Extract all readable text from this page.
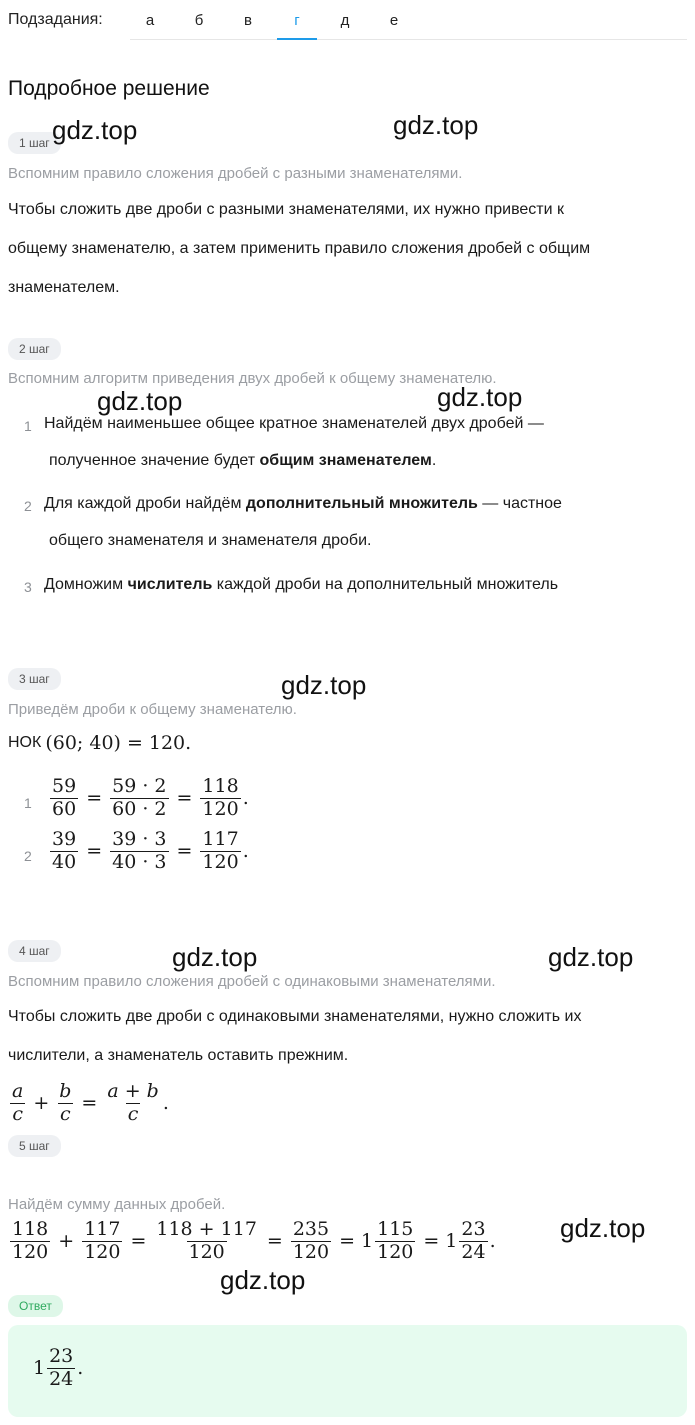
Подзадания:	а	б	в	г	д	е
Подробное решение
1 шаг
Вспомним правило сложения дробей с разными знаменателями.
Чтобы сложить две дроби с разными знаменателями, их нужно привести к
общему знаменателю, а затем применить правило сложения дробей с общим
знаменателем.
2 шаг
Вспомним алгоритм приведения двух дробей к общему знаменателю.
1 Найдём наименьшее общее кратное знаменателей двух дробей —
полученное значение будет общим знаменателем.
2 Для каждой дроби найдём дополнительный множитель — частное
общего знаменателя и знаменателя дроби.
3 Домножим числитель каждой дроби на дополнительный множитель
3 шаг
Приведём дроби к общему знаменателю.
НОК (60; 40) = 120.
$1 \frac{59}{60} = \frac{59 \cdot 2}{60 \cdot 2} = \frac{118}{120}$ .
$2 \frac{39}{40} = \frac{39 \cdot 3}{40 \cdot 3} = \frac{117}{120}$ .
4 шаг
Вспомним правило сложения дробей с одинаковыми знаменателями.
Чтобы сложить две дроби с одинаковыми знаменателями, нужно сложить их
числители, а знаменатель оставить прежним.
$\frac{a}{c} + \frac{b}{c} = \frac{a + b}{c}$ .
5 шаг
Найдём сумму данных дробей.
$\frac{118}{120} + \frac{117}{120} = \frac{118 + 117}{120} = \frac{235}{120} = 1 \frac{115}{120} = 1 \frac{23}{24}$ .
Ответ
$1 \frac{23}{24}$ .
gdz.top	gdz.top
gdz.top	gdz.top
gdz.top
gdz.top	gdz.top
gdz.top
gdz.top
